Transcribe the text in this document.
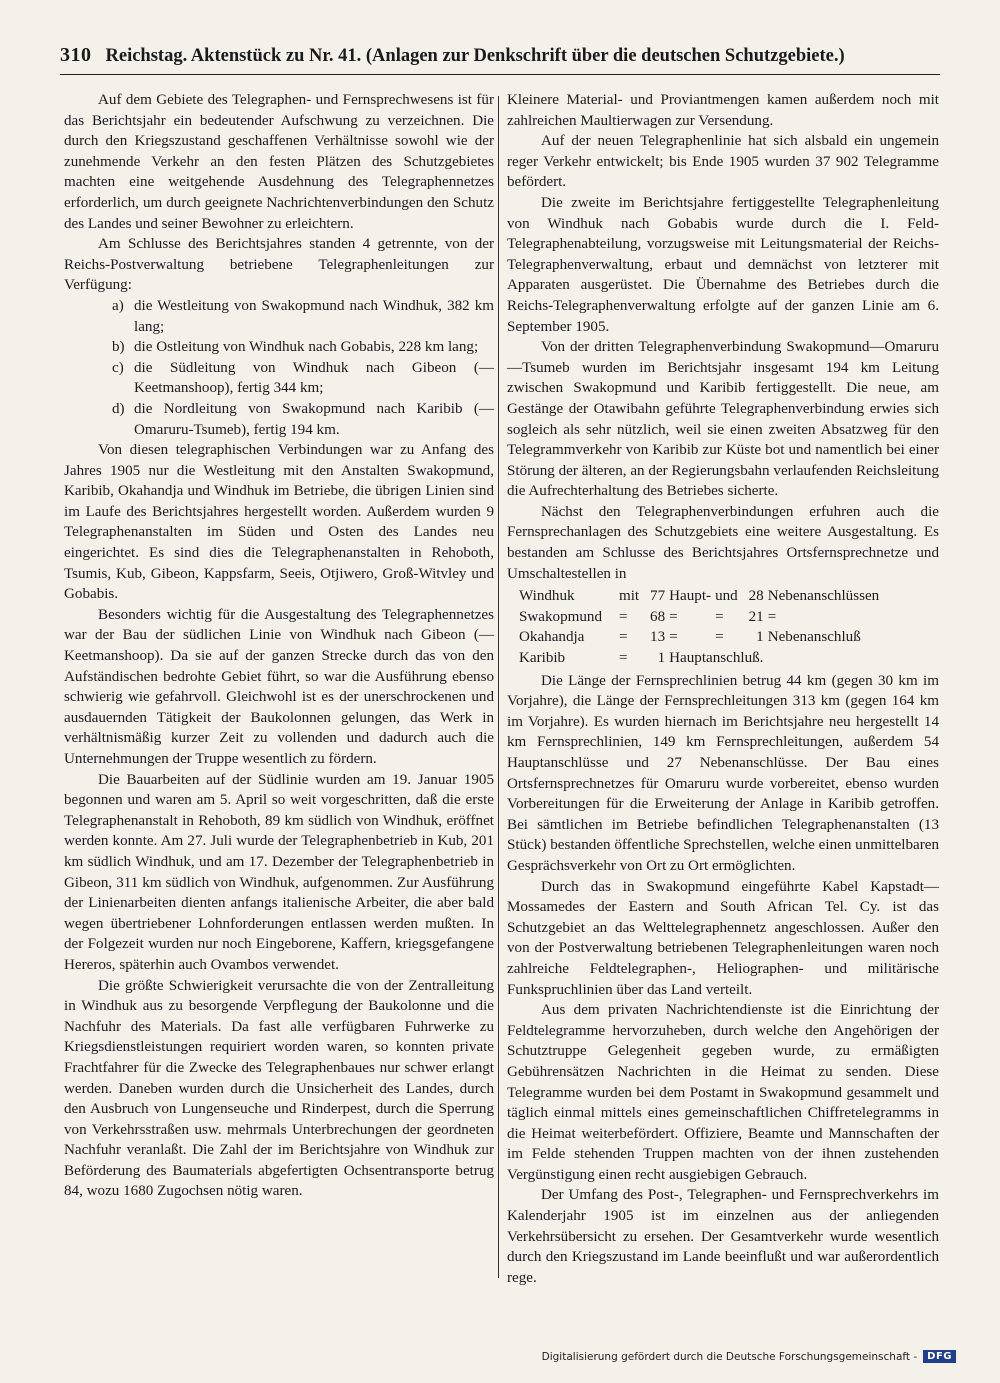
310 Reichstag. Aktenstück zu Nr. 41. (Anlagen zur Denkschrift über die deutschen Schutzgebiete.)

Auf dem Gebiete des Telegraphen- und Fernsprechwesens ist für das Berichtsjahr ein bedeutender Aufschwung zu verzeichnen. Die durch den Kriegszustand geschaffenen Verhältnisse sowohl wie der zunehmende Verkehr an den festen Plätzen des Schutzgebietes machten eine weitgehende Ausdehnung des Telegraphennetzes erforderlich, um durch geeignete Nachrichtenverbindungen den Schutz des Landes und seiner Bewohner zu erleichtern.

Am Schlusse des Berichtsjahres standen 4 getrennte, von der Reichs-Postverwaltung betriebene Telegraphenleitungen zur Verfügung:

a) die Westleitung von Swakopmund nach Windhuk, 382 km lang;
b) die Ostleitung von Windhuk nach Gobabis, 228 km lang;
c) die Südleitung von Windhuk nach Gibeon (—Keetmanshoop), fertig 344 km;
d) die Nordleitung von Swakopmund nach Karibib (—Omaruru-Tsumeb), fertig 194 km.

Von diesen telegraphischen Verbindungen war zu Anfang des Jahres 1905 nur die Westleitung mit den Anstalten Swakopmund, Karibib, Okahandja und Windhuk im Betriebe, die übrigen Linien sind im Laufe des Berichtsjahres hergestellt worden. Außerdem wurden 9 Telegraphenanstalten im Süden und Osten des Landes neu eingerichtet. Es sind dies die Telegraphenanstalten in Rehoboth, Tsumis, Kub, Gibeon, Kappsfarm, Seeis, Otjiwero, Groß-Witvley und Gobabis.

Besonders wichtig für die Ausgestaltung des Telegraphennetzes war der Bau der südlichen Linie von Windhuk nach Gibeon (—Keetmanshoop). Da sie auf der ganzen Strecke durch das von den Aufständischen bedrohte Gebiet führt, so war die Ausführung ebenso schwierig wie gefahrvoll. Gleichwohl ist es der unerschrockenen und ausdauernden Tätigkeit der Baukolonnen gelungen, das Werk in verhältnismäßig kurzer Zeit zu vollenden und dadurch auch die Unternehmungen der Truppe wesentlich zu fördern.

Die Bauarbeiten auf der Südlinie wurden am 19. Januar 1905 begonnen und waren am 5. April so weit vorgeschritten, daß die erste Telegraphenanstalt in Rehoboth, 89 km südlich von Windhuk, eröffnet werden konnte. Am 27. Juli wurde der Telegraphenbetrieb in Kub, 201 km südlich Windhuk, und am 17. Dezember der Telegraphenbetrieb in Gibeon, 311 km südlich von Windhuk, aufgenommen. Zur Ausführung der Linienarbeiten dienten anfangs italienische Arbeiter, die aber bald wegen übertriebener Lohnforderungen entlassen werden mußten. In der Folgezeit wurden nur noch Eingeborene, Kaffern, kriegsgefangene Hereros, späterhin auch Ovambos verwendet.

Die größte Schwierigkeit verursachte die von der Zentralleitung in Windhuk aus zu besorgende Verpflegung der Baukolonne und die Nachfuhr des Materials. Da fast alle verfügbaren Fuhrwerke zu Kriegsdienstleistungen requiriert worden waren, so konnten private Frachtfahrer für die Zwecke des Telegraphenbaues nur schwer erlangt werden. Daneben wurden durch die Unsicherheit des Landes, durch den Ausbruch von Lungenseuche und Rinderpest, durch die Sperrung von Verkehrsstraßen usw. mehrmals Unterbrechungen der geordneten Nachfuhr veranlaßt. Die Zahl der im Berichtsjahre von Windhuk zur Beförderung des Baumaterials abgefertigten Ochsentransporte betrug 84, wozu 1680 Zugochsen nötig waren.

Kleinere Material- und Proviantmengen kamen außerdem noch mit zahlreichen Maultierwagen zur Versendung.

Auf der neuen Telegraphenlinie hat sich alsbald ein ungemein reger Verkehr entwickelt; bis Ende 1905 wurden 37 902 Telegramme befördert.

Die zweite im Berichtsjahre fertiggestellte Telegraphenleitung von Windhuk nach Gobabis wurde durch die I. Feld-Telegraphenabteilung, vorzugsweise mit Leitungsmaterial der Reichs-Telegraphenverwaltung, erbaut und demnächst von letzterer mit Apparaten ausgerüstet. Die Übernahme des Betriebes durch die Reichs-Telegraphenverwaltung erfolgte auf der ganzen Linie am 6. September 1905.

Von der dritten Telegraphenverbindung Swakopmund—Omaruru—Tsumeb wurden im Berichtsjahr insgesamt 194 km Leitung zwischen Swakopmund und Karibib fertiggestellt. Die neue, am Gestänge der Otawibahn geführte Telegraphenverbindung erwies sich sogleich als sehr nützlich, weil sie einen zweiten Absatzweg für den Telegrammverkehr von Karibib zur Küste bot und namentlich bei einer Störung der älteren, an der Regierungsbahn verlaufenden Reichsleitung die Aufrechterhaltung des Betriebes sicherte.

Nächst den Telegraphenverbindungen erfuhren auch die Fernsprechanlagen des Schutzgebiets eine weitere Ausgestaltung. Es bestanden am Schlusse des Berichtsjahres Ortsfernsprechnetze und Umschaltestellen in

Windhuk	mit	77	Haupt-	und	28	Nebenanschlüssen
Swakopmund	=	68	=	=	21	=
Okahandja	=	13	=	=	1	Nebenanschluß
Karibib	=	1	Hauptanschluß.			

Die Länge der Fernsprechlinien betrug 44 km (gegen 30 km im Vorjahre), die Länge der Fernsprechleitungen 313 km (gegen 164 km im Vorjahre). Es wurden hiernach im Berichtsjahre neu hergestellt 14 km Fernsprechlinien, 149 km Fernsprechleitungen, außerdem 54 Hauptanschlüsse und 27 Nebenanschlüsse. Der Bau eines Ortsfernsprechnetzes für Omaruru wurde vorbereitet, ebenso wurden Vorbereitungen für die Erweiterung der Anlage in Karibib getroffen. Bei sämtlichen im Betriebe befindlichen Telegraphenanstalten (13 Stück) bestanden öffentliche Sprechstellen, welche einen unmittelbaren Gesprächsverkehr von Ort zu Ort ermöglichten.

Durch das in Swakopmund eingeführte Kabel Kapstadt—Mossamedes der Eastern and South African Tel. Cy. ist das Schutzgebiet an das Welttelegraphennetz angeschlossen. Außer den von der Postverwaltung betriebenen Telegraphenleitungen waren noch zahlreiche Feldtelegraphen-, Heliographen- und militärische Funkspruchlinien über das Land verteilt.

Aus dem privaten Nachrichtendienste ist die Einrichtung der Feldtelegramme hervorzuheben, durch welche den Angehörigen der Schutztruppe Gelegenheit gegeben wurde, zu ermäßigten Gebührensätzen Nachrichten in die Heimat zu senden. Diese Telegramme wurden bei dem Postamt in Swakopmund gesammelt und täglich einmal mittels eines gemeinschaftlichen Chiffretelegramms in die Heimat weiterbefördert. Offiziere, Beamte und Mannschaften der im Felde stehenden Truppen machten von der ihnen zustehenden Vergünstigung einen recht ausgiebigen Gebrauch.

Der Umfang des Post-, Telegraphen- und Fernsprechverkehrs im Kalenderjahr 1905 ist im einzelnen aus der anliegenden Verkehrsübersicht zu ersehen. Der Gesamtverkehr wurde wesentlich durch den Kriegszustand im Lande beeinflußt und war außerordentlich rege.

Digitalisierung gefördert durch die Deutsche Forschungsgemeinschaft -	DFG
